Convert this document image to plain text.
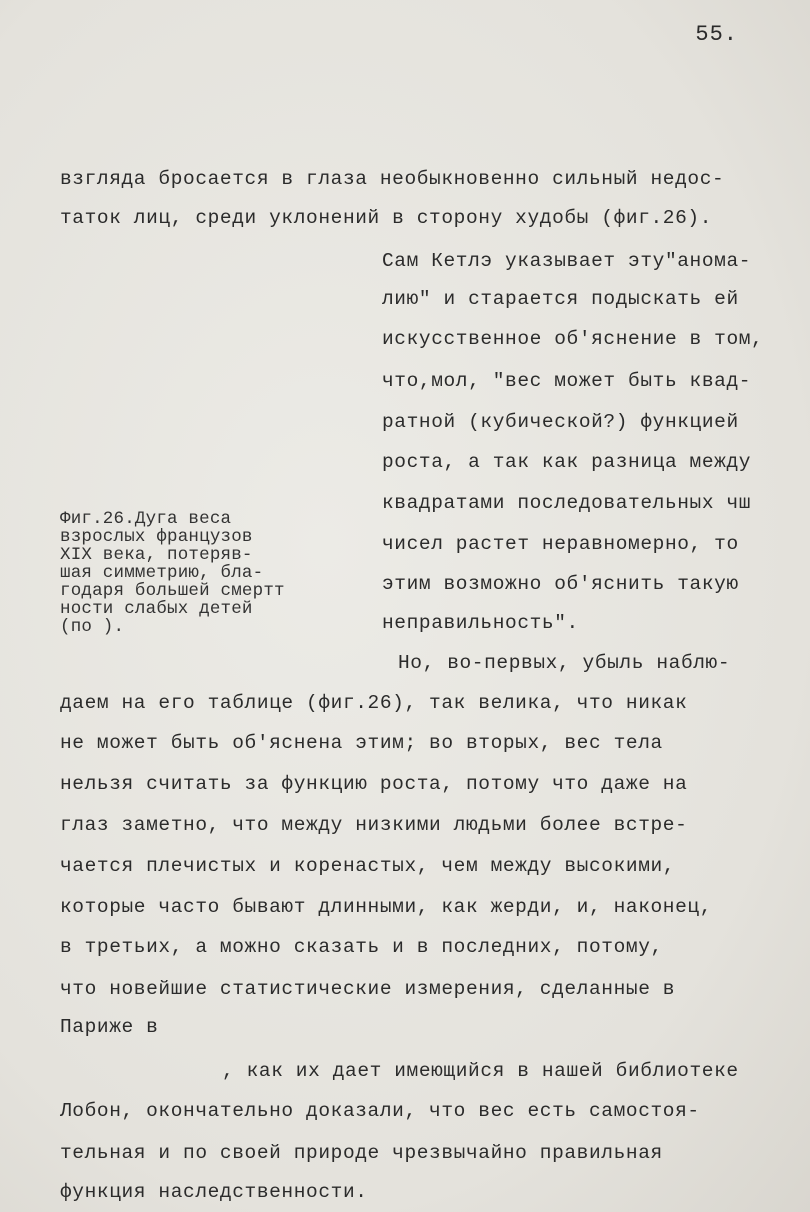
55.
взгляда бросается в глаза необыкновенно сильный недос-
таток лиц, среди уклонений в сторону худобы (фиг.26).
Сам Кетлэ указывает эту"аномa-
лию" и старается подыскать ей
искусственное об'яснение в том,
что,мол, "вес может быть квад-
ратной (кубической?) функцией
роста, а так как разница между
квадратами последовательных чш
чисел растет неравномерно, то
этим возможно об'яснить такую
неправильность".
Но, во-первых, убыль наблю-
Фиг.26.Дуга веса
взрослых французов
XIX века, потеряв-
шая симметрию, бла-
годаря большей смертт
ности слабых детей
(по ).
даем на его таблице (фиг.26), так велика, что никак
не может быть об'яснена этим; во вторых, вес тела
нельзя считать за функцию роста, потому что даже на
глаз заметно, что между низкими людьми более встре-
чается плечистых и коренастых, чем между высокими,
которые часто бывают длинными, как жерди, и, наконец,
в третьих, а можно сказать и в последних, потому,
что новейшие статистические измерения, сделанные в
Париже в
, как их дает имеющийся в нашей библиотеке
Лобон, окончательно доказали, что вес есть самостоя-
тельная и по своей природе чрезвычайно правильная
функция наследственности.
